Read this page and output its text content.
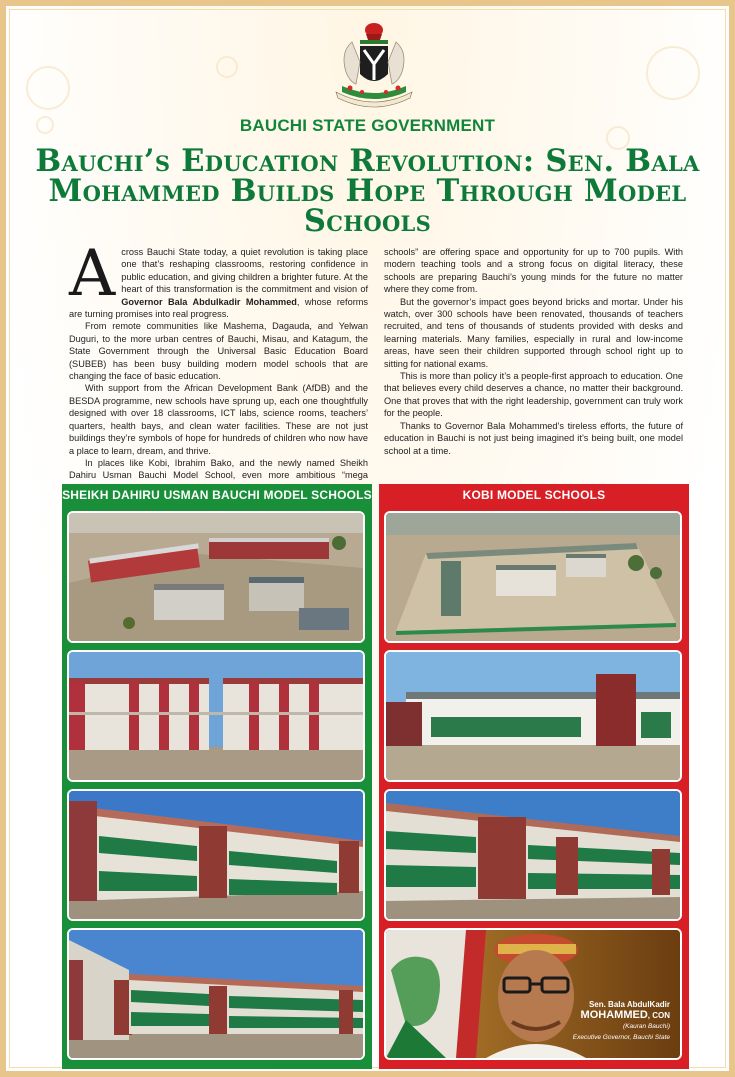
BAUCHI STATE GOVERNMENT
Bauchi’s Education Revolution: Sen. Bala Mohammed Builds Hope Through Model Schools

Across Bauchi State today, a quiet revolution is taking place one that’s reshaping classrooms, restoring confidence in public education, and giving children a brighter future. At the heart of this transformation is the commitment and vision of Governor Bala Abdulkadir Mohammed, whose reforms are turning promises into real progress.

From remote communities like Mashema, Dagauda, and Yelwan Duguri, to the more urban centres of Bauchi, Misau, and Katagum, the State Government through the Universal Basic Education Board (SUBEB) has been busy building modern model schools that are changing the face of basic education.

With support from the African Development Bank (AfDB) and the BESDA programme, new schools have sprung up, each one thoughtfully designed with over 18 classrooms, ICT labs, science rooms, teachers’ quarters, health bays, and clean water facilities. These are not just buildings they’re symbols of hope for hundreds of children who now have a place to learn, dream, and thrive.

In places like Kobi, Ibrahim Bako, and the newly named Sheikh Dahiru Usman Bauchi Model School, even more ambitious “mega schools” are offering space and opportunity for up to 700 pupils. With modern teaching tools and a strong focus on digital literacy, these schools are preparing Bauchi’s young minds for the future no matter where they come from.

But the governor’s impact goes beyond bricks and mortar. Under his watch, over 300 schools have been renovated, thousands of teachers recruited, and tens of thousands of students provided with desks and learning materials. Many families, especially in rural and low-income areas, have seen their children supported through school right up to sitting for national exams.

This is more than policy it’s a people-first approach to education. One that believes every child deserves a chance, no matter their background. One that proves that with the right leadership, government can truly work for the people.

Thanks to Governor Bala Mohammed’s tireless efforts, the future of education in Bauchi is not just being imagined it’s being built, one model school at a time.

SHEIKH DAHIRU USMAN BAUCHI MODEL SCHOOLS	KOBI MODEL SCHOOLS
Sen. Bala AbdulKadir
MOHAMMED, CON
(Kauran Bauchi)
Executive Governor, Bauchi State
